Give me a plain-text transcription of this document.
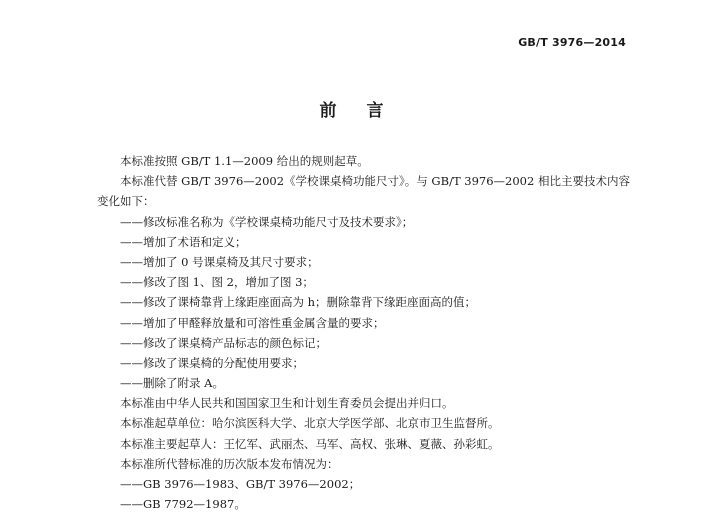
GB/T 3976—2014
前言
本标准按照 GB/T 1.1—2009 给出的规则起草。
本标准代替 GB/T 3976—2002《学校课桌椅功能尺寸》。与 GB/T 3976—2002 相比主要技术内容
变化如下：
——修改标准名称为《学校课桌椅功能尺寸及技术要求》；
——增加了术语和定义；
——增加了 0 号课桌椅及其尺寸要求；
——修改了图 1、图 2，增加了图 3；
——修改了课椅靠背上缘距座面高为 h；删除靠背下缘距座面高的值；
——增加了甲醛释放量和可溶性重金属含量的要求；
——修改了课桌椅产品标志的颜色标记；
——修改了课桌椅的分配使用要求；
——删除了附录 A。
本标准由中华人民共和国国家卫生和计划生育委员会提出并归口。
本标准起草单位：哈尔滨医科大学、北京大学医学部、北京市卫生监督所。
本标准主要起草人：王忆军、武丽杰、马军、高权、张琳、夏薇、孙彩虹。
本标准所代替标准的历次版本发布情况为：
——GB 3976—1983、GB/T 3976—2002；
——GB 7792—1987。
